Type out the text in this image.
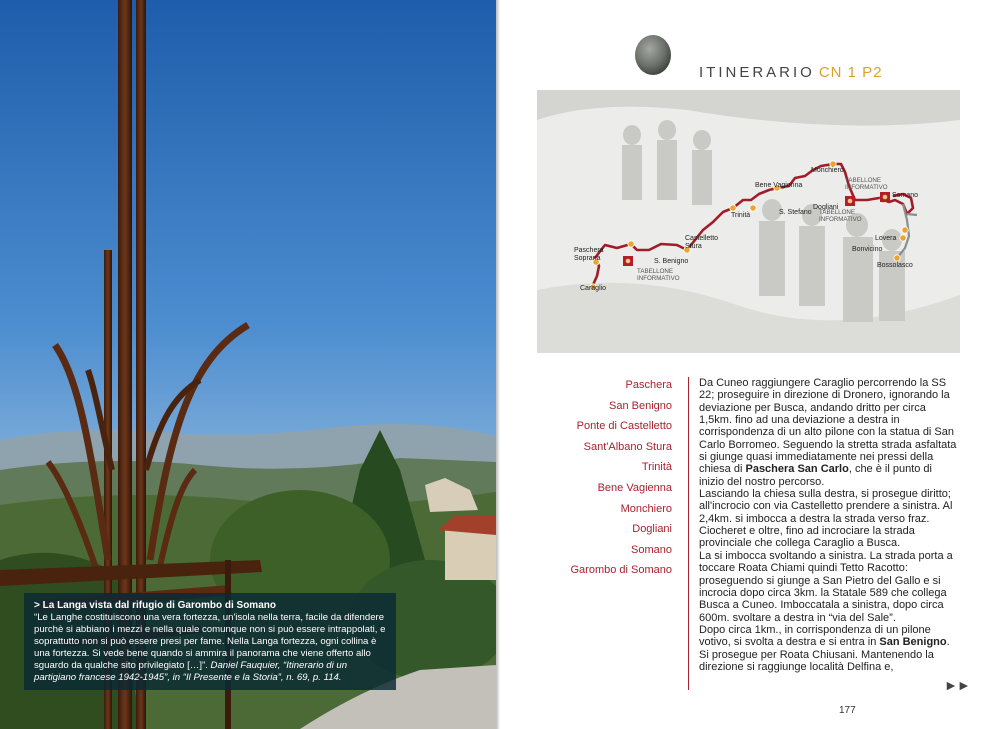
> La Langa vista dal rifugio di Garombo di Somano
“Le Langhe costituiscono una vera fortezza, un'isola nella terra, facile da difendere purchè si abbiano i mezzi e nella quale comunque non si può essere intrappolati, e soprattutto non si può essere presi per fame. Nella Langa fortezza, ogni collina è una fortezza. Si vede bene quando si ammira il panorama che viene offerto allo sguardo da qualche sito privilegiato […]”. Daniel Fauquier, “Itinerario di un partigiano francese 1942-1945”, in “Il Presente e la Storia”, n. 69, p. 114.
ITINERARIO CN 1 P2
Paschera
Soprana
Caraglio
S. Benigno
Castelletto
Stura
Trinità
Bene Vagienna
S. Stefano
Monchiero
Dogliani
Somano
Lovera
Bonvicino
Bossolasco
TABELLONE
INFORMATIVO
TABELLONE
INFORMATIVO
TABELLONE
INFORMATIVO
Paschera
San Benigno
Ponte di Castelletto
Sant'Albano Stura
Trinità
Bene Vagienna
Monchiero
Dogliani
Somano
Garombo di Somano

Da Cuneo raggiungere Caraglio percorrendo la SS 22; proseguire in direzione di Dronero, ignorando la deviazione per Busca, andando dritto per circa 1,5km. fino ad una deviazione a destra in corrispondenza di un alto pilone con la statua di San Carlo Borromeo. Seguendo la stretta strada asfaltata si giunge quasi immediatamente nei pressi della chiesa di Paschera San Carlo, che è il punto di inizio del nostro percorso.

Lasciando la chiesa sulla destra, si prosegue diritto; all'incrocio con via Castelletto prendere a sinistra. Al 2,4km. si imbocca a destra la strada verso fraz. Ciocheret e oltre, fino ad incrociare la strada provinciale che collega Caraglio a Busca.

La si imbocca svoltando a sinistra. La strada porta a toccare Roata Chiami quindi Tetto Racotto: proseguendo si giunge a San Pietro del Gallo e si incrocia dopo circa 3km. la Statale 589 che collega Busca a Cuneo. Imboccatala a sinistra, dopo circa 600m. svoltare a destra in “via del Sale”.

Dopo circa 1km., in corrispondenza di un pilone votivo, si svolta a destra e si entra in San Benigno.

Si prosegue per Roata Chiusani. Mantenendo la direzione si raggiunge località Delfina e,

►►
177
